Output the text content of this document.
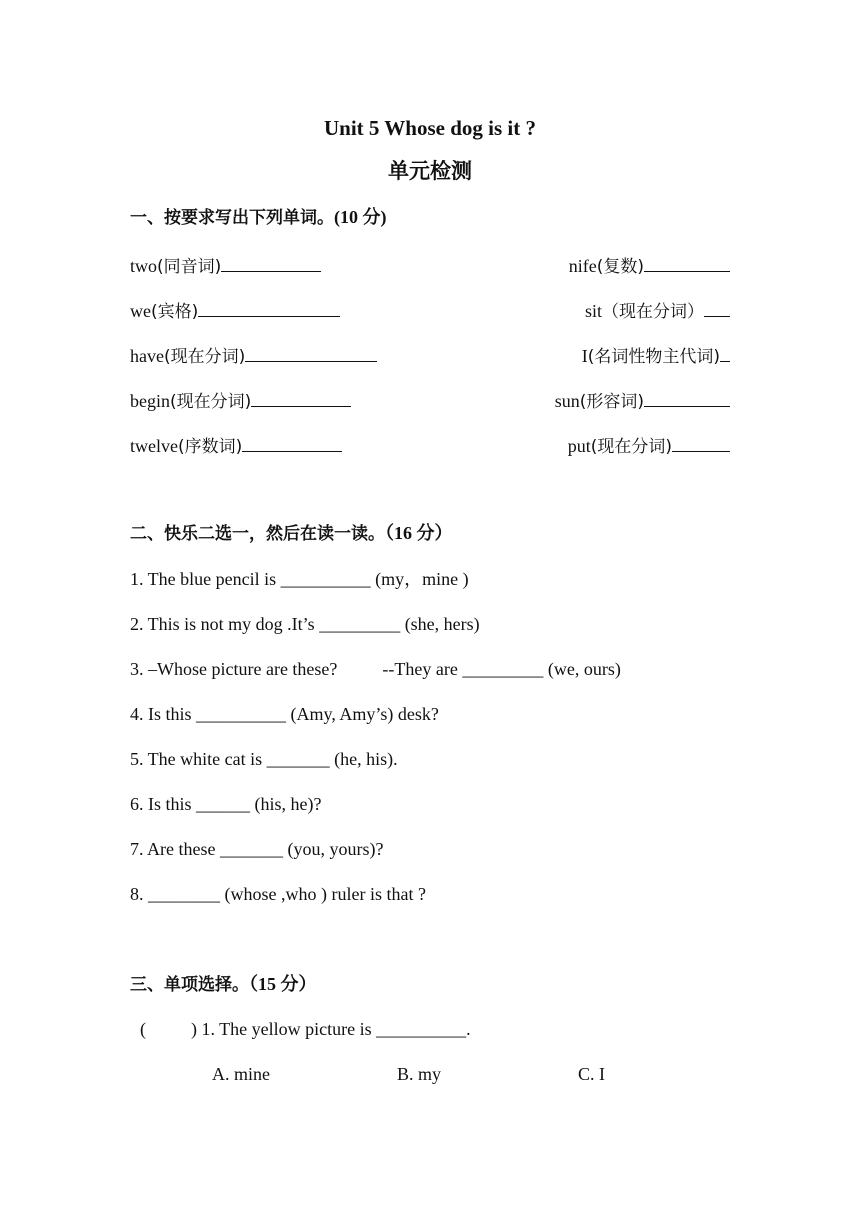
Unit 5 Whose dog is it ?
单元检测
一、按要求写出下列单词。(10 分)
two(同音词)	nife(复数)
we(宾格)	sit（现在分词）
have(现在分词)	I(名词性物主代词)
begin(现在分词)	sun(形容词)
twelve(序数词)	put(现在分词)
二、快乐二选一，然后在读一读。（16 分）
1. The blue pencil is __________ (my，mine )
2. This is not my dog .It’s _________ (she, hers)
3. –Whose picture are these?          --They are _________ (we, ours)
4. Is this __________ (Amy, Amy’s) desk?
5. The white cat is _______ (he, his).
6. Is this ______ (his, he)?
7. Are these _______ (you, yours)?
8. ________ (whose ,who ) ruler is that ?
三、单项选择。（15 分）
(          ) 1. The yellow picture is __________.
A. mine	B. my	C. I
